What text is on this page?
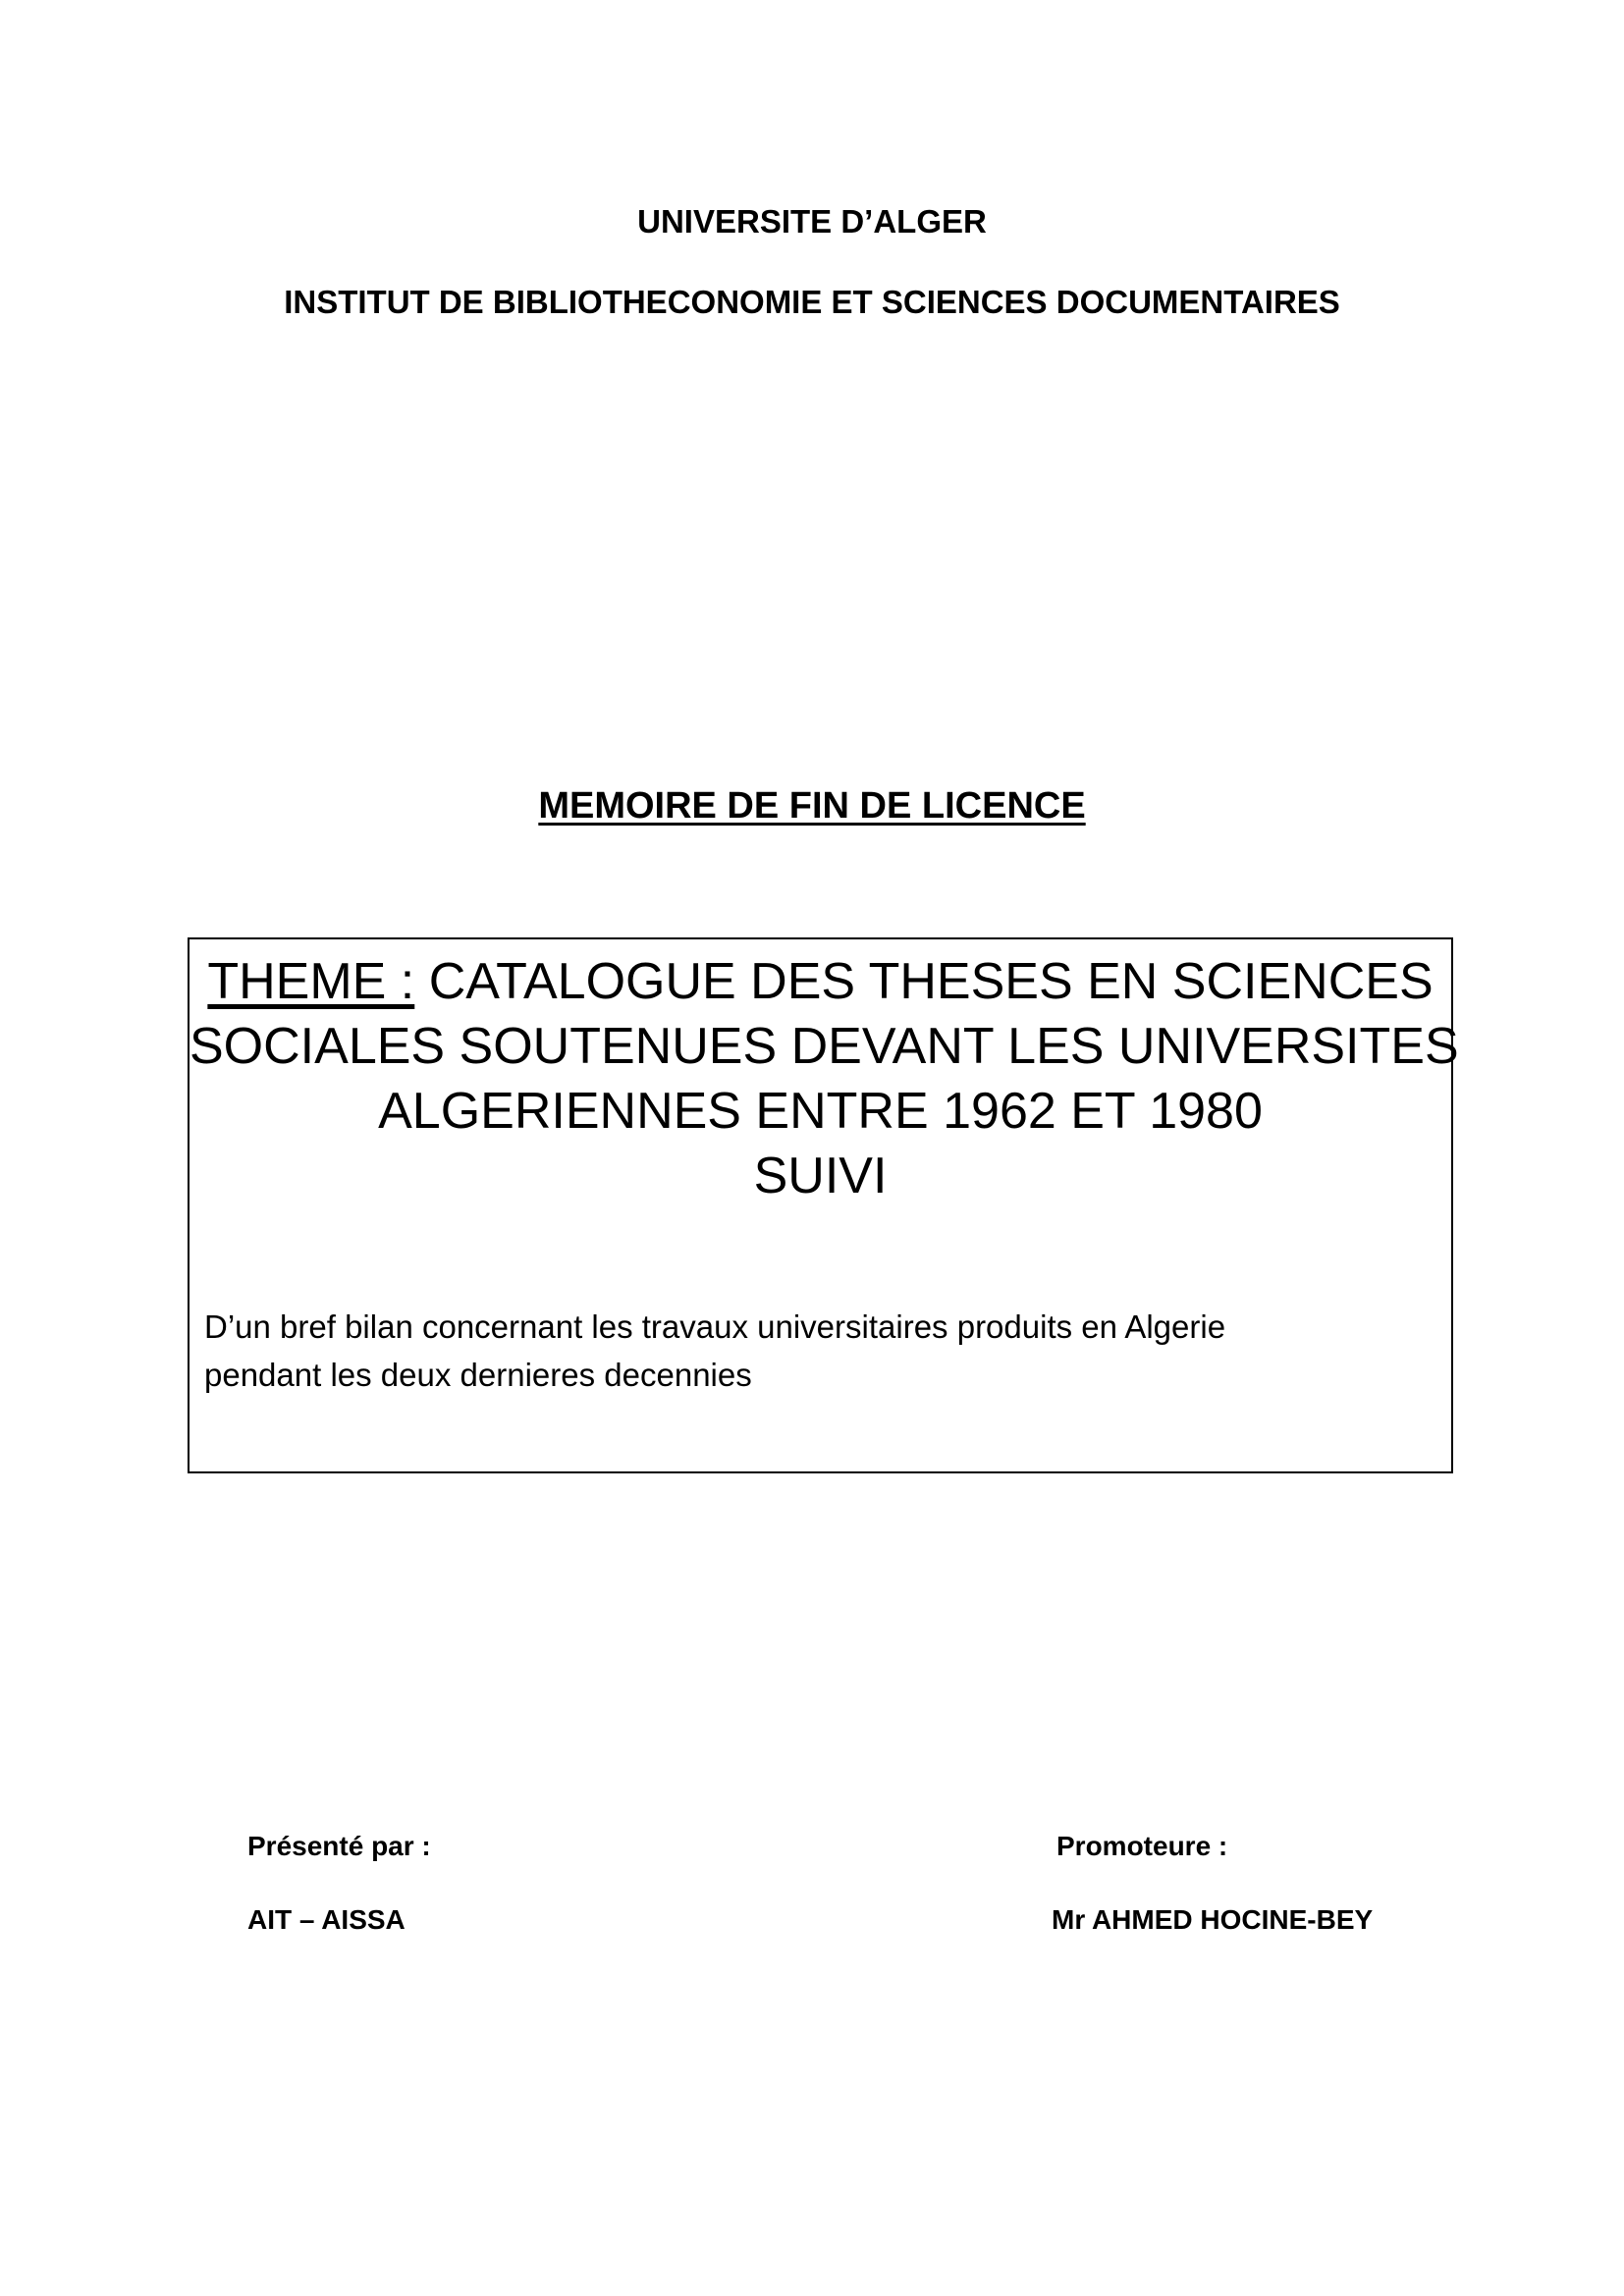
UNIVERSITE D’ALGER
INSTITUT DE BIBLIOTHECONOMIE ET SCIENCES DOCUMENTAIRES
MEMOIRE DE FIN DE LICENCE
THEME : CATALOGUE DES THESES EN SCIENCES
SOCIALES SOUTENUES DEVANT LES UNIVERSITES
ALGERIENNES ENTRE 1962 ET 1980
SUIVI
D’un bref bilan concernant les travaux universitaires produits en Algerie
pendant les deux dernieres decennies
Présenté par :
AIT – AISSA
Promoteure :
Mr AHMED HOCINE-BEY
